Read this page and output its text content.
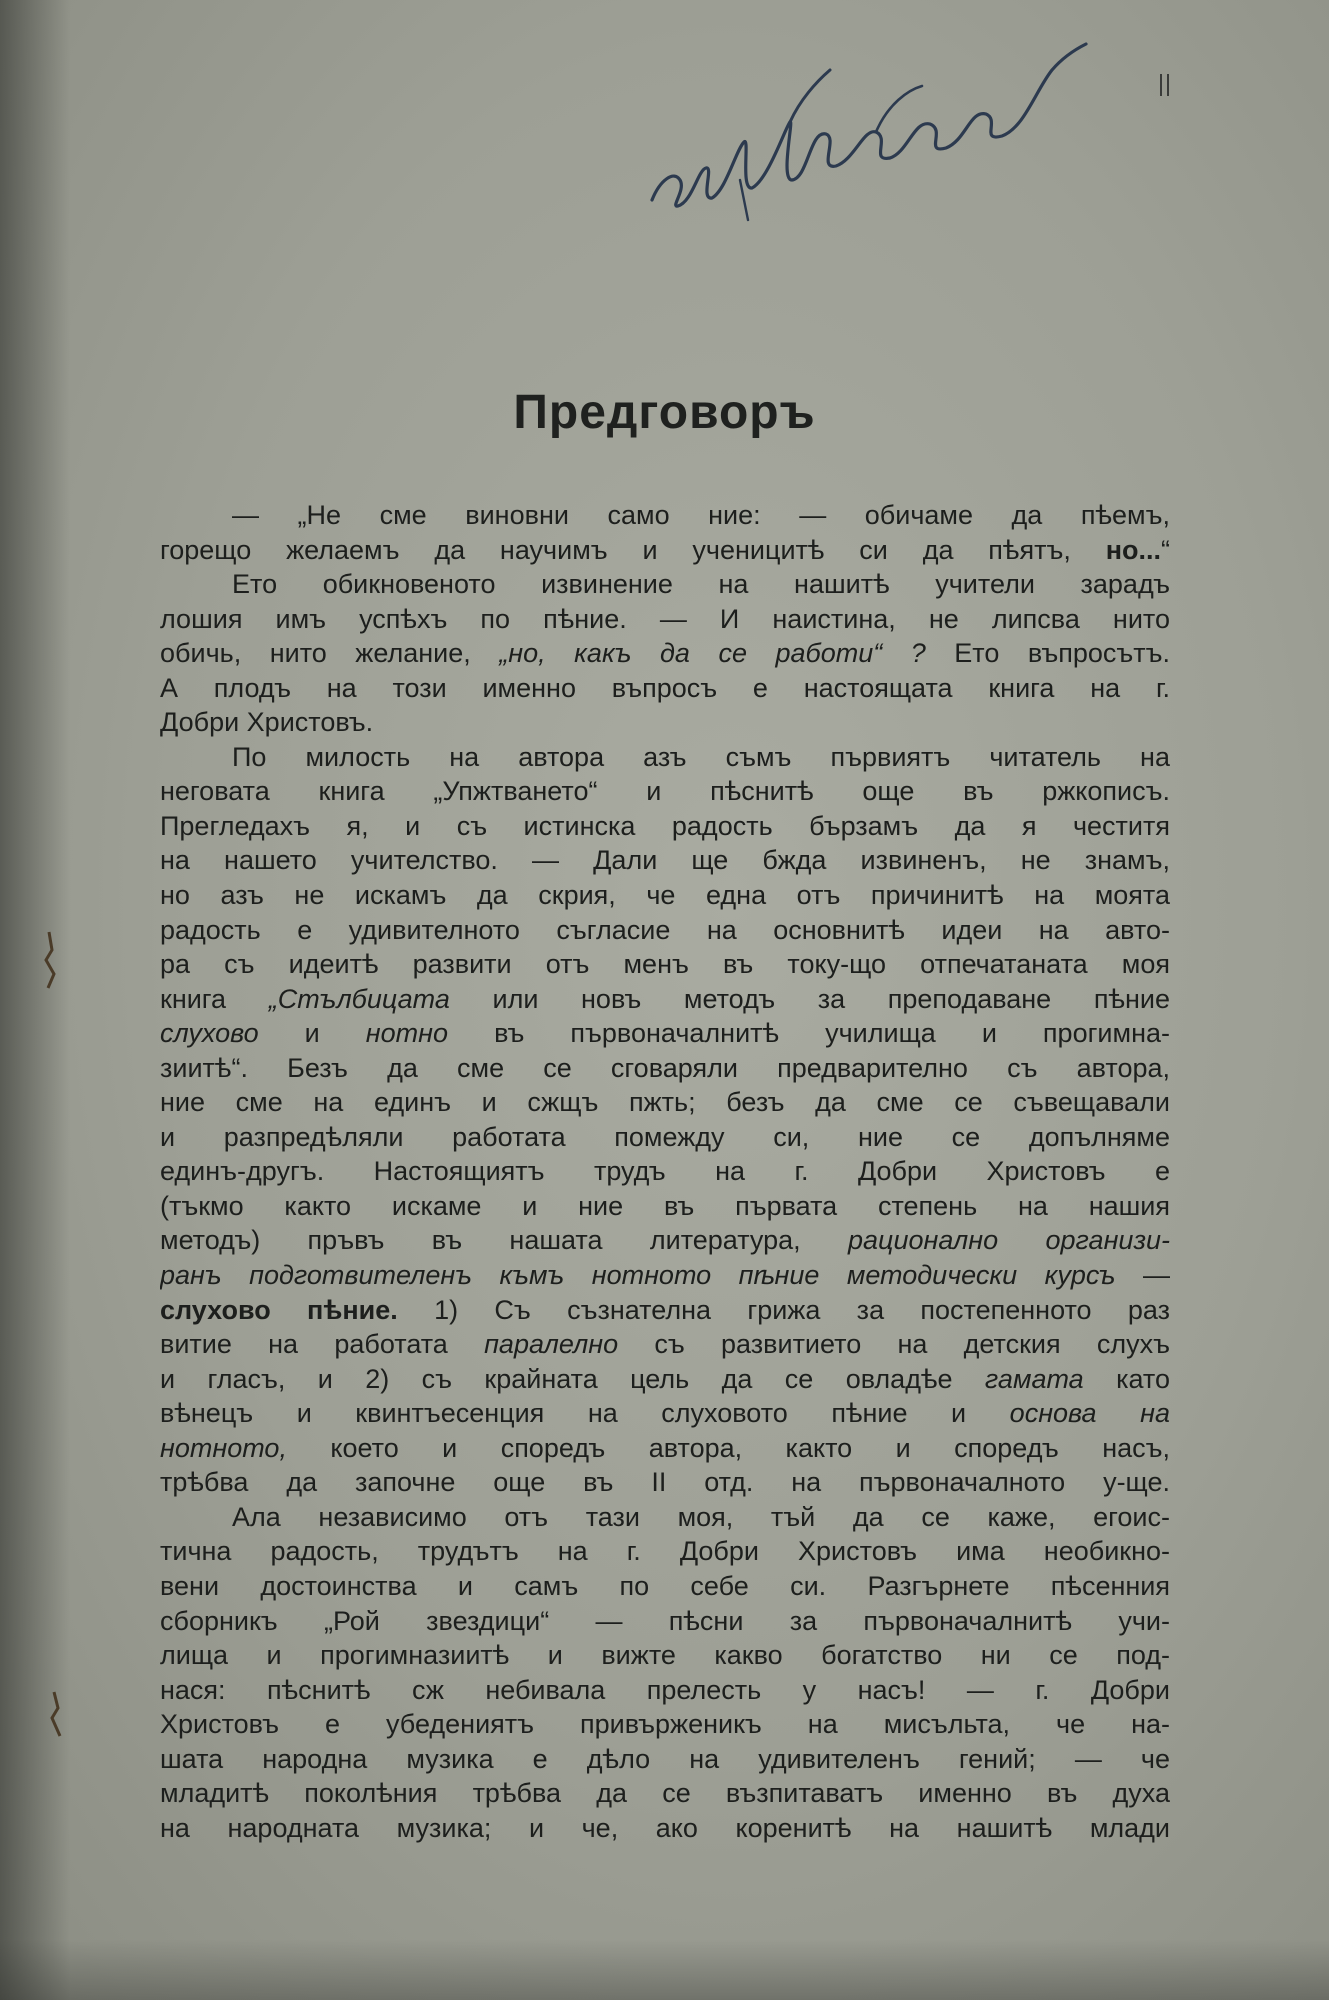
Предговоръ
— „Не сме виновни само ние: — обичаме да пѣемъ,
горещо желаемъ да научимъ и ученицитѣ си да пѣятъ, но...“
Ето обикновеното извинение на нашитѣ учители зарадъ
лошия имъ успѣхъ по пѣние. — И наистина, не липсва нито
обичь, нито желание, „но, какъ да се работи“ ? Ето въпросътъ.
А плодъ на този именно въпросъ е настоящата книга на г.
Добри Христовъ.
По милость на автора азъ съмъ първиятъ читатель на
неговата книга „Упжтването“ и пѣснитѣ още въ ржкописъ.
Прегледахъ я, и съ истинска радость бързамъ да я честитя
на нашето учителство. — Дали ще бжда извиненъ, не знамъ,
но азъ не искамъ да скрия, че една отъ причинитѣ на моята
радость е удивителното съгласие на основнитѣ идеи на авто-
ра съ идеитѣ развити отъ менъ въ току-що отпечатаната моя
книга „Стълбицата или новъ методъ за преподаване пѣние
слухово и нотно въ първоначалнитѣ училища и прогимна-
зиитѣ“. Безъ да сме се сговаряли предварително съ автора,
ние сме на единъ и сжщъ пжть; безъ да сме се съвещавали
и разпредѣляли работата помежду си, ние се допълняме
единъ-другъ. Настоящиятъ трудъ на г. Добри Христовъ е
(тъкмо както искаме и ние въ първата степень на нашия
методъ) пръвъ въ нашата литература, рационално организи-
ранъ подготвителенъ къмъ нотното пѣние методически курсъ —
слухово пѣние. 1) Съ съзнателна грижа за постепенното раз
витие на работата паралелно съ развитието на детския слухъ
и гласъ, и 2) съ крайната цель да се овладѣе гамата като
вѣнецъ и квинтъесенция на слуховото пѣние и основа на
нотното, което и споредъ автора, както и споредъ насъ,
трѣбва да започне още въ II отд. на първоначалното у-ще.
Ала независимо отъ тази моя, тъй да се каже, егоис-
тична радость, трудътъ на г. Добри Христовъ има необикно-
вени достоинства и самъ по себе си. Разгърнете пѣсенния
сборникъ „Рой звездици“ — пѣсни за първоначалнитѣ учи-
лища и прогимназиитѣ и вижте какво богатство ни се под-
нася: пѣснитѣ сж небивала прелесть у насъ! — г. Добри
Христовъ е убедениятъ привърженикъ на мисъльта, че на-
шата народна музика е дѣло на удивителенъ гений; — че
младитѣ поколѣния трѣбва да се възпитаватъ именно въ духа
на народната музика; и че, ако коренитѣ на нашитѣ млади
